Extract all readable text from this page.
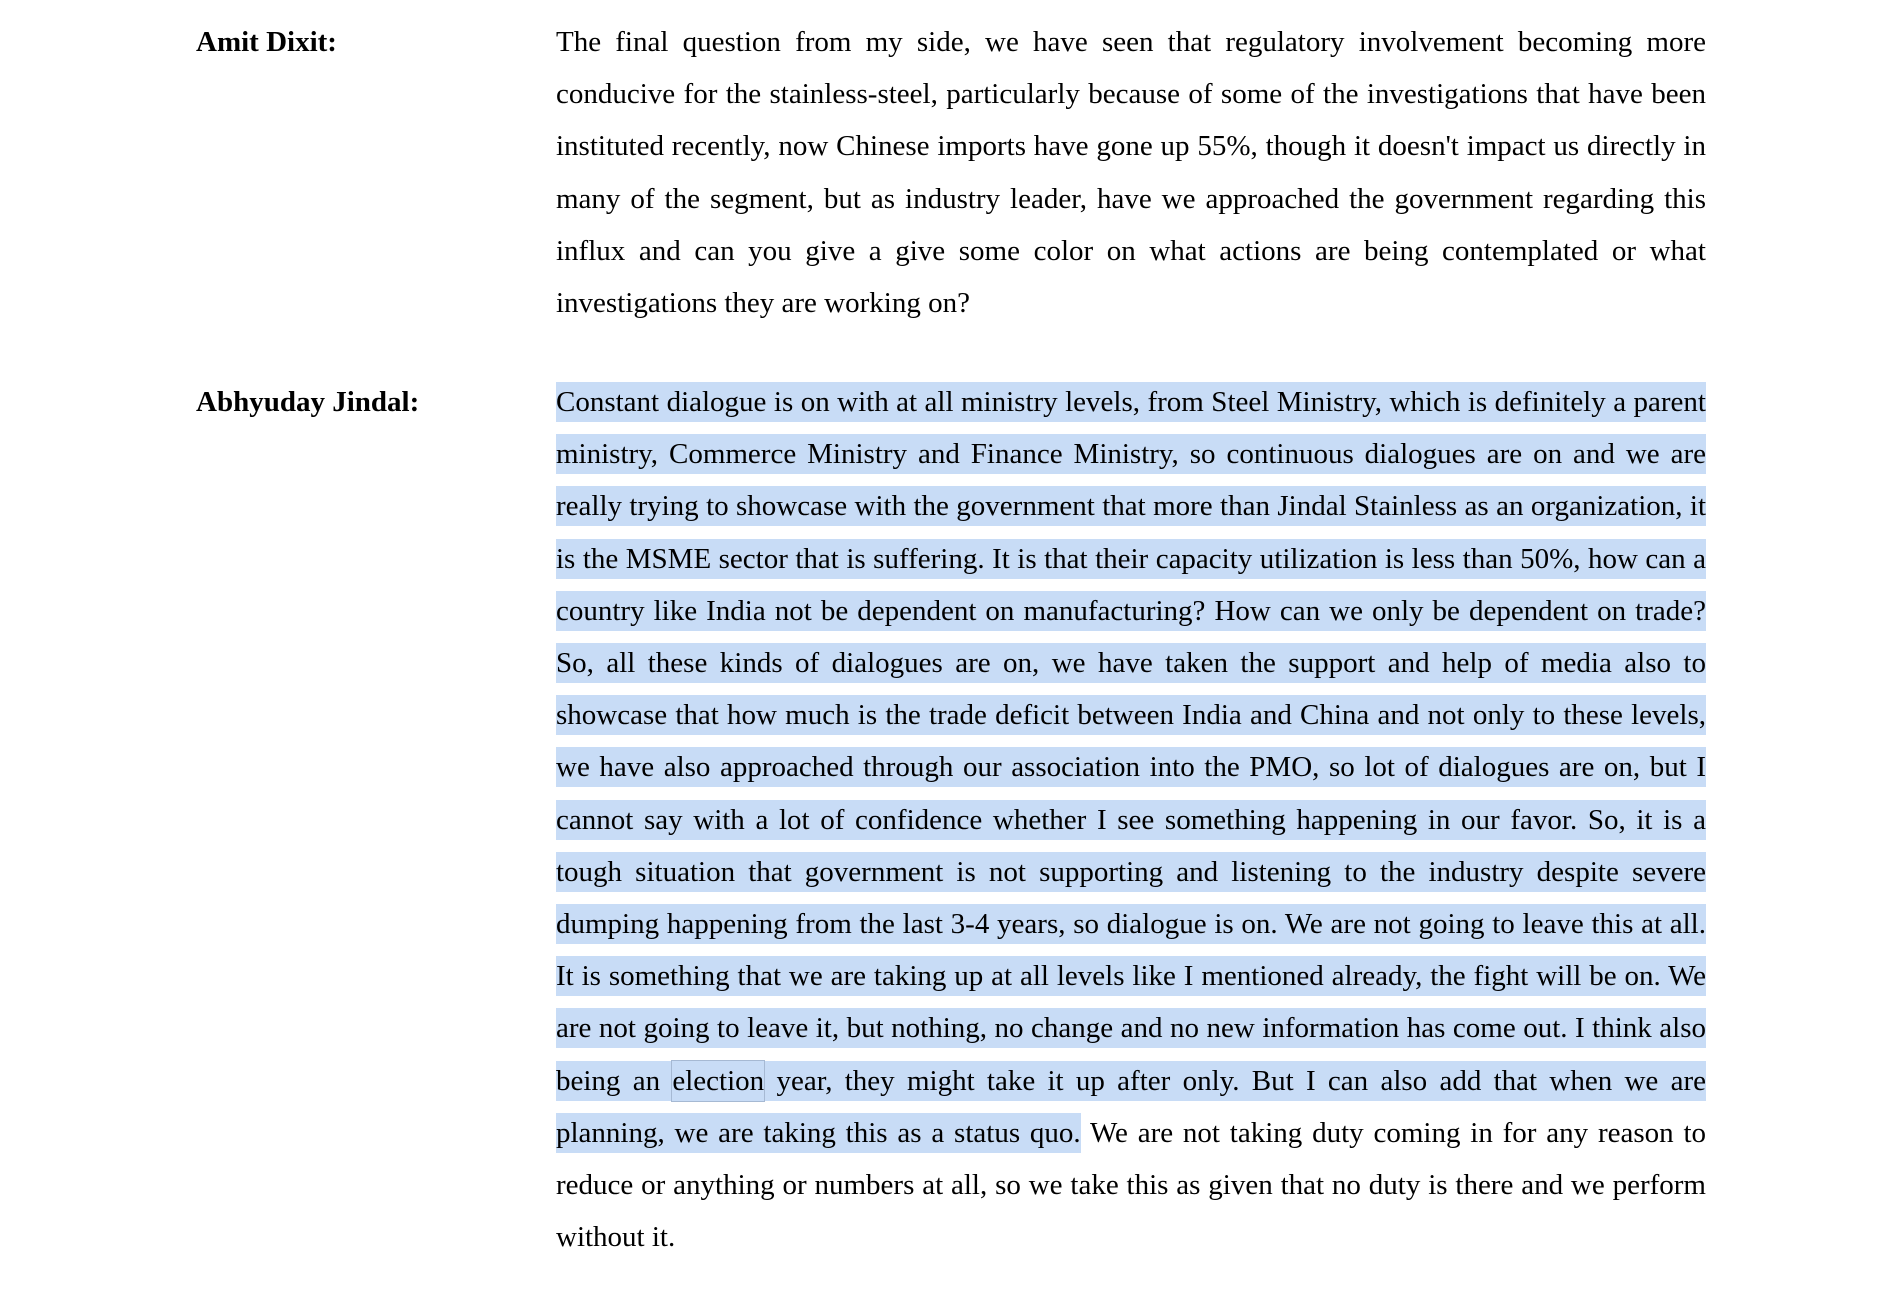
Amit Dixit:	The final question from my side, we have seen that regulatory involvement becoming more conducive for the stainless-steel, particularly because of some of the investigations that have been instituted recently, now Chinese imports have gone up 55%, though it doesn't impact us directly in many of the segment, but as industry leader, have we approached the government regarding this influx and can you give a give some color on what actions are being contemplated or what investigations they are working on?

Abhyuday Jindal:	Constant dialogue is on with at all ministry levels, from Steel Ministry, which is definitely a parent ministry, Commerce Ministry and Finance Ministry, so continuous dialogues are on and we are really trying to showcase with the government that more than Jindal Stainless as an organization, it is the MSME sector that is suffering. It is that their capacity utilization is less than 50%, how can a country like India not be dependent on manufacturing? How can we only be dependent on trade? So, all these kinds of dialogues are on, we have taken the support and help of media also to showcase that how much is the trade deficit between India and China and not only to these levels, we have also approached through our association into the PMO, so lot of dialogues are on, but I cannot say with a lot of confidence whether I see something happening in our favor. So, it is a tough situation that government is not supporting and listening to the industry despite severe dumping happening from the last 3-4 years, so dialogue is on. We are not going to leave this at all. It is something that we are taking up at all levels like I mentioned already, the fight will be on. We are not going to leave it, but nothing, no change and no new information has come out. I think also being an election year, they might take it up after only. But I can also add that when we are planning, we are taking this as a status quo. We are not taking duty coming in for any reason to reduce or anything or numbers at all, so we take this as given that no duty is there and we perform without it.
